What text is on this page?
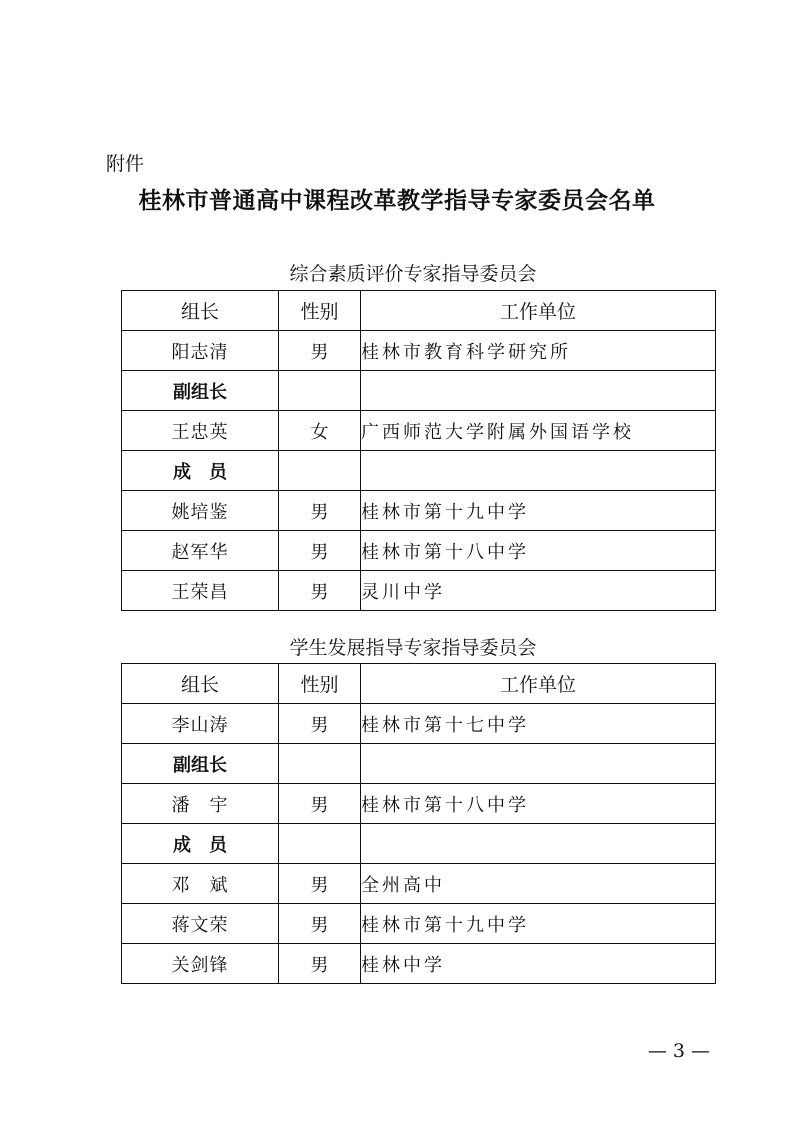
附件
桂林市普通高中课程改革教学指导专家委员会名单
综合素质评价专家指导委员会
组长	性别	工作单位
阳志清	男	桂林市教育科学研究所
副组长		
王忠英	女	广西师范大学附属外国语学校
成　员		
姚培鉴	男	桂林市第十九中学
赵军华	男	桂林市第十八中学
王荣昌	男	灵川中学
学生发展指导专家指导委员会
组长	性别	工作单位
李山涛	男	桂林市第十七中学
副组长		
潘　宇	男	桂林市第十八中学
成　员		
邓　斌	男	全州高中
蒋文荣	男	桂林市第十九中学
关剑锋	男	桂林中学
— 3 —
